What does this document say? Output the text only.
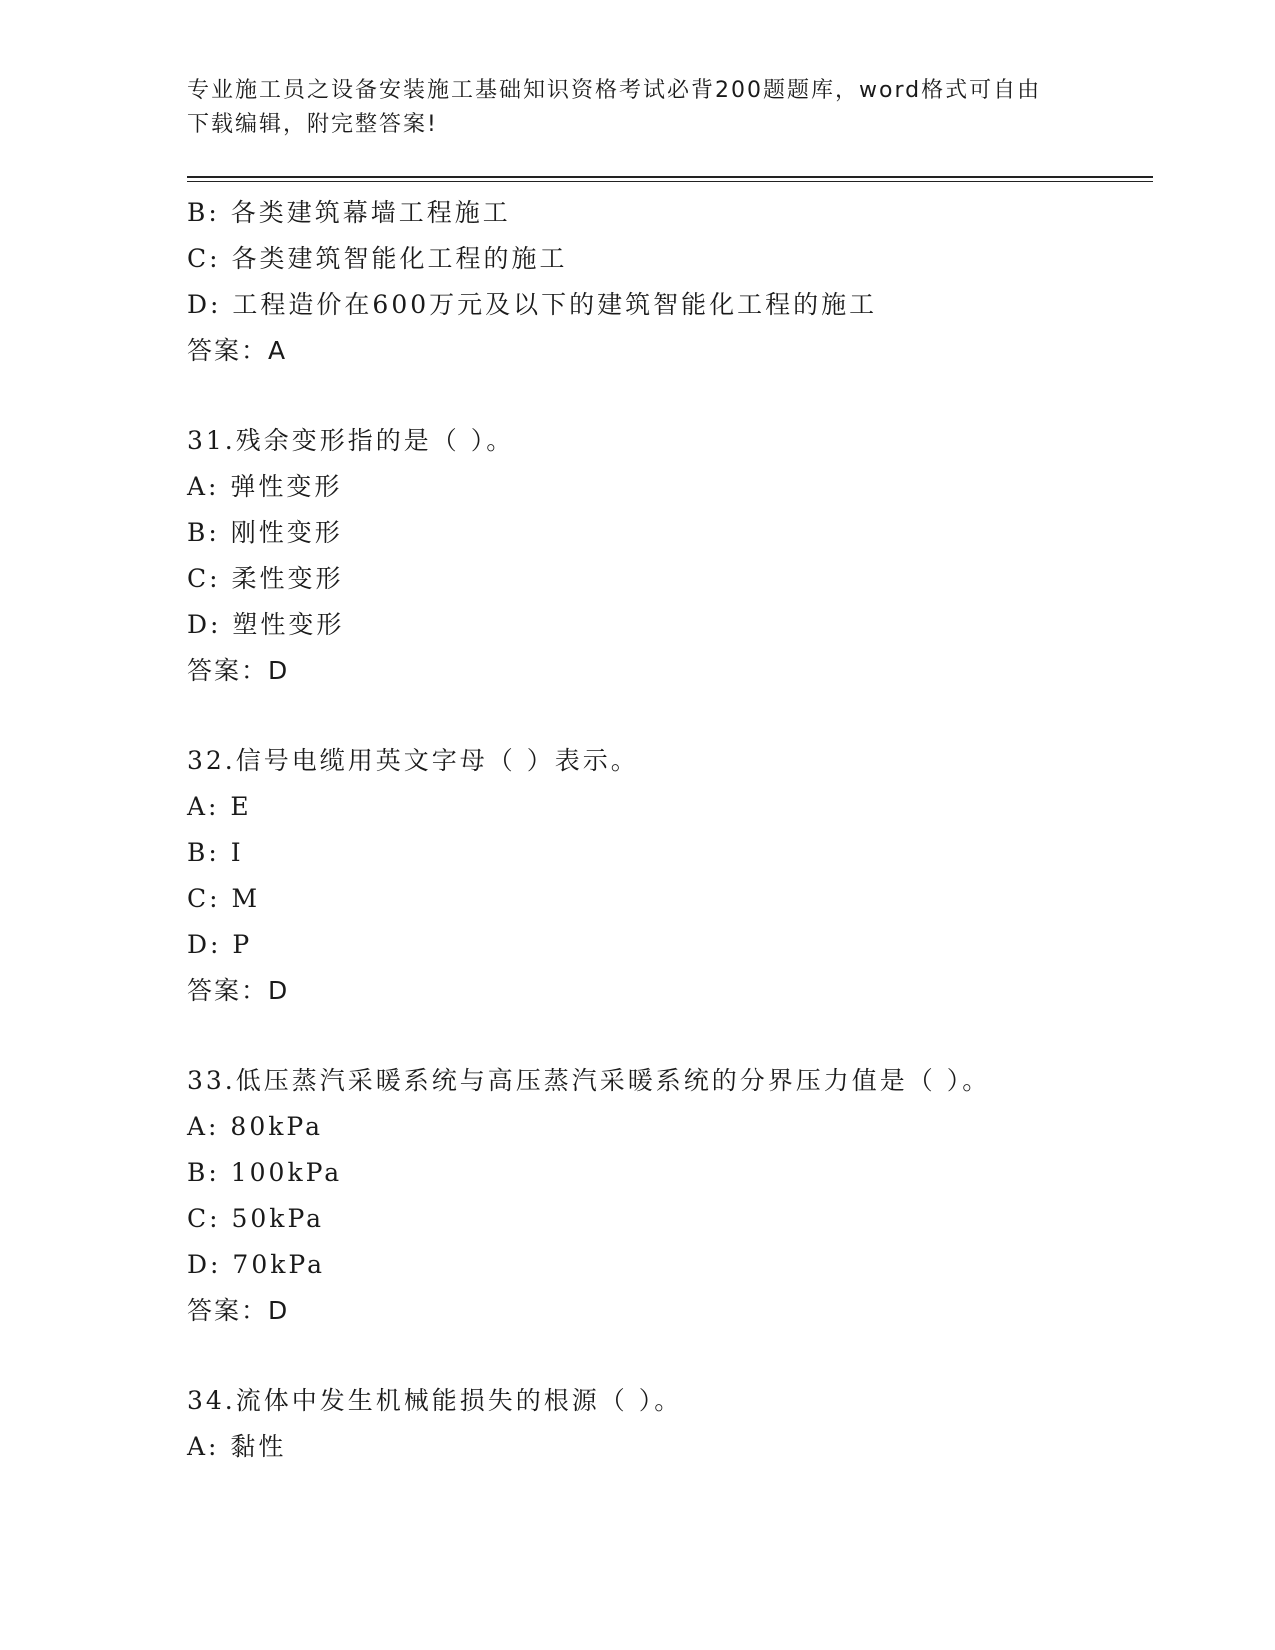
专业施工员之设备安装施工基础知识资格考试必背200题题库，word格式可自由
下载编辑，附完整答案!
B: 各类建筑幕墙工程施工
C: 各类建筑智能化工程的施工
D: 工程造价在600万元及以下的建筑智能化工程的施工
答案：A
31.残余变形指的是（ ）。
A: 弹性变形
B: 刚性变形
C: 柔性变形
D: 塑性变形
答案：D
32.信号电缆用英文字母（ ）表示。
A: E
B: I
C: M
D: P
答案：D
33.低压蒸汽采暖系统与高压蒸汽采暖系统的分界压力值是（ ）。
A: 80kPa
B: 100kPa
C: 50kPa
D: 70kPa
答案：D
34.流体中发生机械能损失的根源（ ）。
A: 黏性
